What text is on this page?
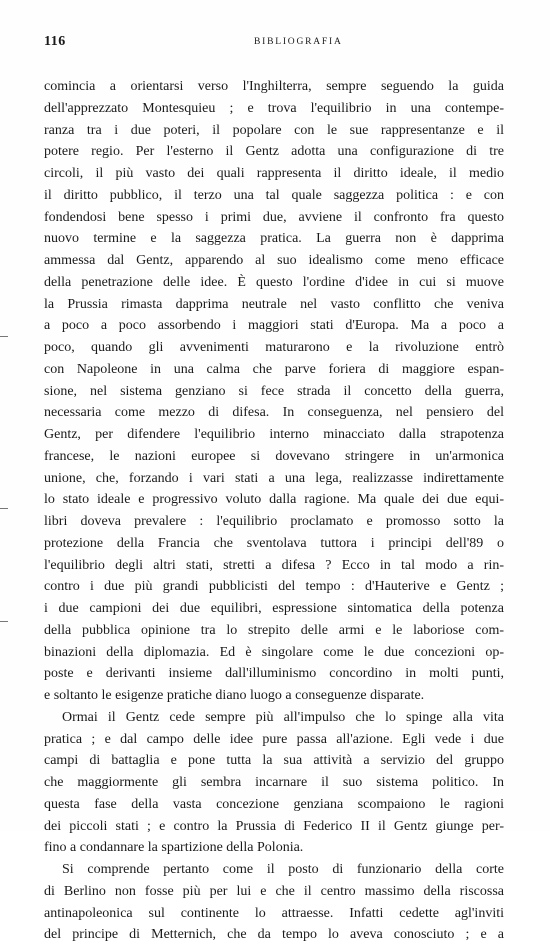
116	BIBLIOGRAFIA
comincia a orientarsi verso l'Inghilterra, sempre seguendo la guida
dell'apprezzato Montesquieu ; e trova l'equilibrio in una contempe-
ranza tra i due poteri, il popolare con le sue rappresentanze e il
potere regio. Per l'esterno il Gentz adotta una configurazione di tre
circoli, il più vasto dei quali rappresenta il diritto ideale, il medio
il diritto pubblico, il terzo una tal quale saggezza politica : e con
fondendosi bene spesso i primi due, avviene il confronto fra questo
nuovo termine e la saggezza pratica. La guerra non è dapprima
ammessa dal Gentz, apparendo al suo idealismo come meno efficace
della penetrazione delle idee. È questo l'ordine d'idee in cui si muove
la Prussia rimasta dapprima neutrale nel vasto conflitto che veniva
a poco a poco assorbendo i maggiori stati d'Europa. Ma a poco a
poco, quando gli avvenimenti maturarono e la rivoluzione entrò
con Napoleone in una calma che parve foriera di maggiore espan-
sione, nel sistema genziano si fece strada il concetto della guerra,
necessaria come mezzo di difesa. In conseguenza, nel pensiero del
Gentz, per difendere l'equilibrio interno minacciato dalla strapotenza
francese, le nazioni europee si dovevano stringere in un'armonica
unione, che, forzando i vari stati a una lega, realizzasse indirettamente
lo stato ideale e progressivo voluto dalla ragione. Ma quale dei due equi-
libri doveva prevalere : l'equilibrio proclamato e promosso sotto la
protezione della Francia che sventolava tuttora i principi dell'89 o
l'equilibrio degli altri stati, stretti a difesa ? Ecco in tal modo a rin-
contro i due più grandi pubblicisti del tempo : d'Hauterive e Gentz ;
i due campioni dei due equilibri, espressione sintomatica della potenza
della pubblica opinione tra lo strepito delle armi e le laboriose com-
binazioni della diplomazia. Ed è singolare come le due concezioni op-
poste e derivanti insieme dall'illuminismo concordino in molti punti,
e soltanto le esigenze pratiche diano luogo a conseguenze disparate.
Ormai il Gentz cede sempre più all'impulso che lo spinge alla vita
pratica ; e dal campo delle idee pure passa all'azione. Egli vede i due
campi di battaglia e pone tutta la sua attività a servizio del gruppo
che maggiormente gli sembra incarnare il suo sistema politico. In
questa fase della vasta concezione genziana scompaiono le ragioni
dei piccoli stati ; e contro la Prussia di Federico II il Gentz giunge per-
fino a condannare la spartizione della Polonia.
Si comprende pertanto come il posto di funzionario della corte
di Berlino non fosse più per lui e che il centro massimo della riscossa
antinapoleonica sul continente lo attraesse. Infatti cedette agl'inviti
del principe di Metternich, che da tempo lo aveva conosciuto ; e a
